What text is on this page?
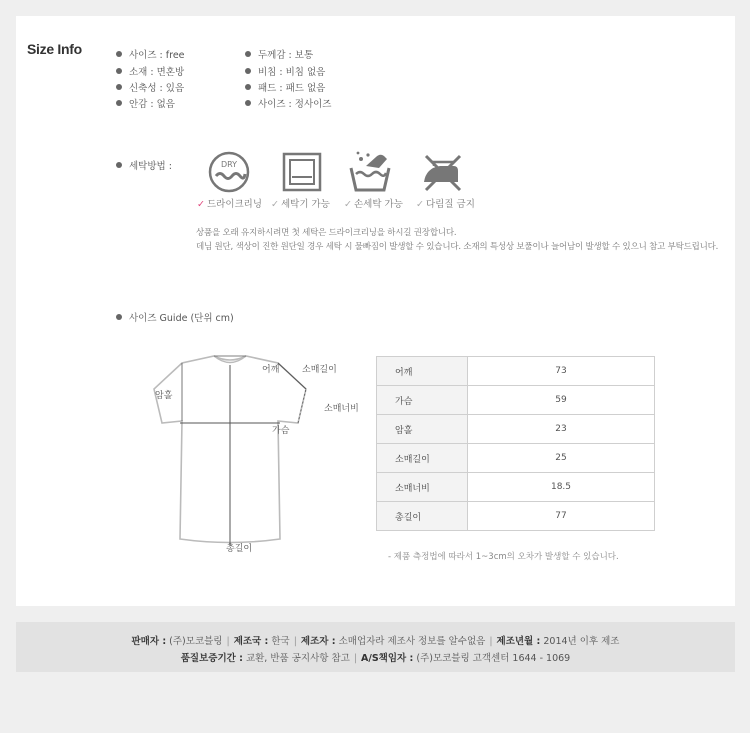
Size Info	사이즈 : free
소재 : 면혼방
신축성 : 있음
안감 : 없음
두께감 : 보통
비침 : 비침 없음
패드 : 패드 없음
사이즈 : 정사이즈
세탁방법 :	DRY
✓ 드라이크리닝 ✓ 세탁기 가능 ✓ 손세탁 가능 ✓ 다림질 금지
상품을 오래 유지하시려면 첫 세탁은 드라이크리닝을 하시길 권장합니다.
데님 원단, 색상이 진한 원단일 경우 세탁 시 물빠짐이 발생할 수 있습니다. 소재의 특성상 보풀이나 늘어남이 발생할 수 있으니 참고 부탁드립니다.
사이즈 Guide (단위 cm)
어깨	소매길이
암홀
소매너비
가슴
총길이
어깨	73
가슴	59
암홀	23
소매길이	25
소매너비	18.5
총길이	77
- 제품 측정법에 따라서 1~3cm의 오차가 발생할 수 있습니다.
판매자 : (주)모코블링 | 제조국 : 한국 | 제조자 : 소매업자라 제조사 정보를 알수없음 | 제조년월 : 2014년 이후 제조
품질보증기간 : 교환, 반품 공지사항 참고 | A/S책임자 : (주)모코블링 고객센터 1644 - 1069
